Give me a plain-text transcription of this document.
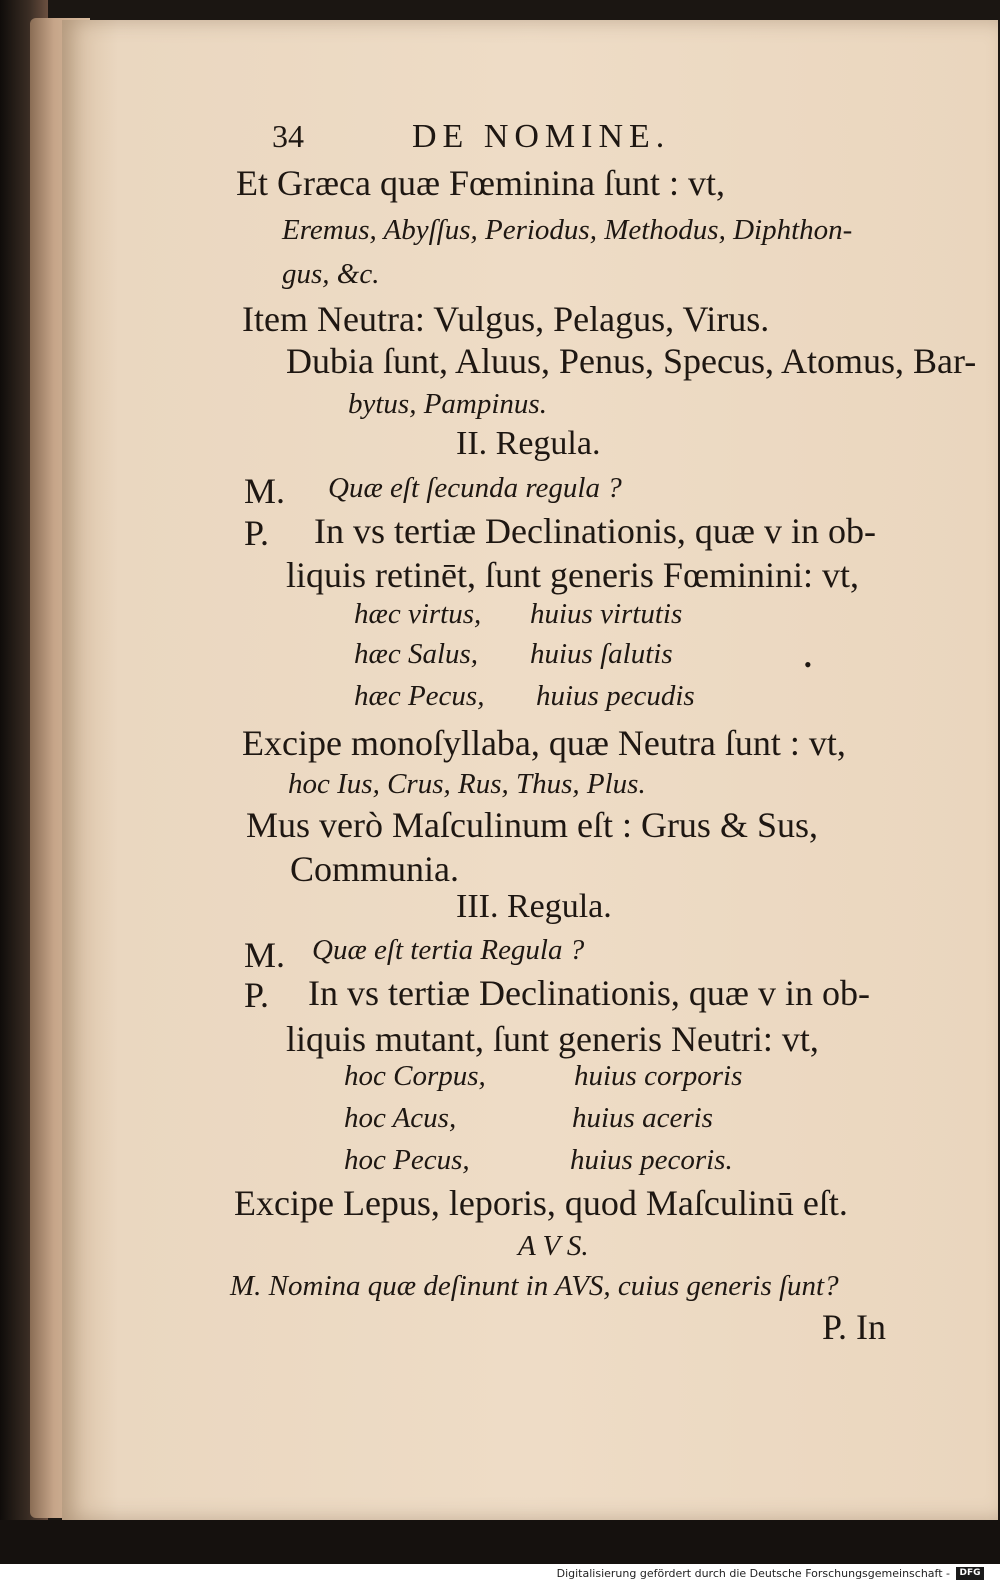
34	DE NOMINE.
Et Græca quæ Fœminina ſunt : vt,
Eremus, Abyſſus, Periodus, Methodus, Diphthon-
gus, &c.
Item Neutra: Vulgus, Pelagus, Virus.
Dubia ſunt, Aluus, Penus, Specus, Atomus, Bar-
bytus, Pampinus.
II. Regula.
M. Quæ eſt ſecunda regula ?
P. In vs tertiæ Declinationis, quæ v in ob-
liquis retinēt, ſunt generis Fœminini: vt,
hæc virtus, huius virtutis
hæc Salus, huius ſalutis
hæc Pecus, huius pecudis
Excipe monoſyllaba, quæ Neutra ſunt : vt,
hoc Ius, Crus, Rus, Thus, Plus.
Mus verò Maſculinum eſt : Grus & Sus,
Communia.
III. Regula.
M. Quæ eſt tertia Regula ?
P. In vs tertiæ Declinationis, quæ v in ob-
liquis mutant, ſunt generis Neutri: vt,
hoc Corpus,	huius corporis
hoc Acus,	huius aceris
hoc Pecus,	huius pecoris.
Excipe Lepus, leporis, quod Maſculinū eſt.
A V S.
M. Nomina quæ deſinunt in AVS, cuius generis ſunt?
P. In
•
Digitalisierung gefördert durch die Deutsche Forschungsgemeinschaft -	DFG
